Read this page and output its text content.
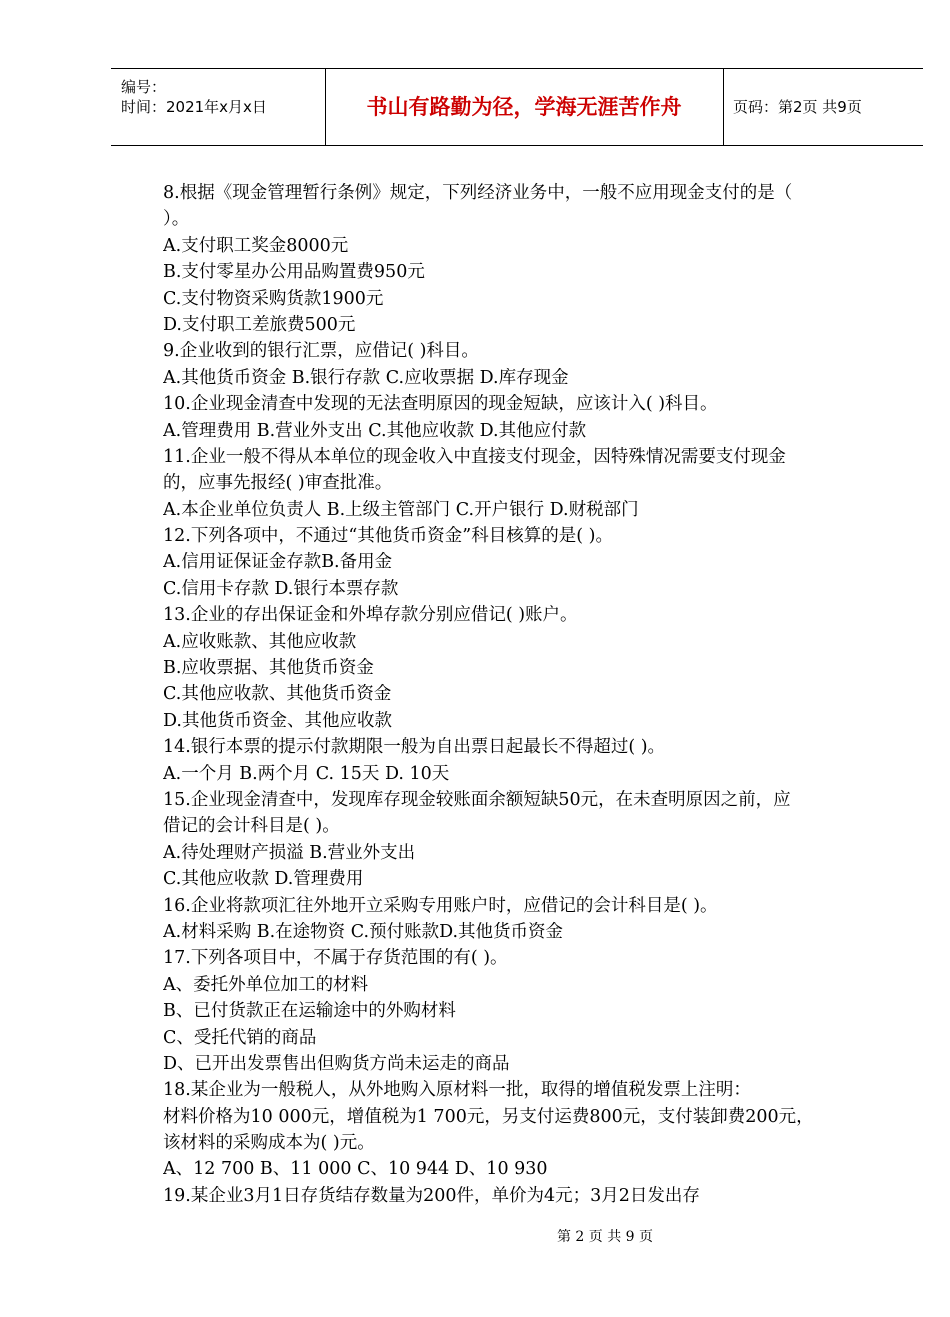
编号：
时间：2021年x月x日	书山有路勤为径，学海无涯苦作舟	页码：第2页 共9页
8.根据《现金管理暂行条例》规定，下列经济业务中，一般不应用现金支付的是（
）。
A.支付职工奖金8000元
B.支付零星办公用品购置费950元
C.支付物资采购货款1900元
D.支付职工差旅费500元
9.企业收到的银行汇票，应借记( )科目。
A.其他货币资金 B.银行存款 C.应收票据 D.库存现金
10.企业现金清查中发现的无法查明原因的现金短缺，应该计入( )科目。
A.管理费用 B.营业外支出 C.其他应收款 D.其他应付款
11.企业一般不得从本单位的现金收入中直接支付现金，因特殊情况需要支付现金
的，应事先报经( )审查批准。
A.本企业单位负责人 B.上级主管部门 C.开户银行 D.财税部门
12.下列各项中，不通过“其他货币资金”科目核算的是( )。
A.信用证保证金存款B.备用金
C.信用卡存款 D.银行本票存款
13.企业的存出保证金和外埠存款分别应借记( )账户。
A.应收账款、其他应收款
B.应收票据、其他货币资金
C.其他应收款、其他货币资金
D.其他货币资金、其他应收款
14.银行本票的提示付款期限一般为自出票日起最长不得超过( )。
A.一个月 B.两个月 C. 15天 D. 10天
15.企业现金清查中，发现库存现金较账面余额短缺50元，在未查明原因之前，应
借记的会计科目是( )。
A.待处理财产损溢 B.营业外支出
C.其他应收款 D.管理费用
16.企业将款项汇往外地开立采购专用账户时，应借记的会计科目是( )。
A.材料采购 B.在途物资 C.预付账款D.其他货币资金
17.下列各项目中，不属于存货范围的有( )。
A、委托外单位加工的材料
B、已付货款正在运输途中的外购材料
C、受托代销的商品
D、已开出发票售出但购货方尚未运走的商品
18.某企业为一般税人，从外地购入原材料一批，取得的增值税发票上注明：
材料价格为10 000元，增值税为1 700元，另支付运费800元，支付装卸费200元，
该材料的采购成本为( )元。
A、12 700 B、11 000 C、10 944 D、10 930
19.某企业3月1日存货结存数量为200件，单价为4元；3月2日发出存
第 2 页 共 9 页
